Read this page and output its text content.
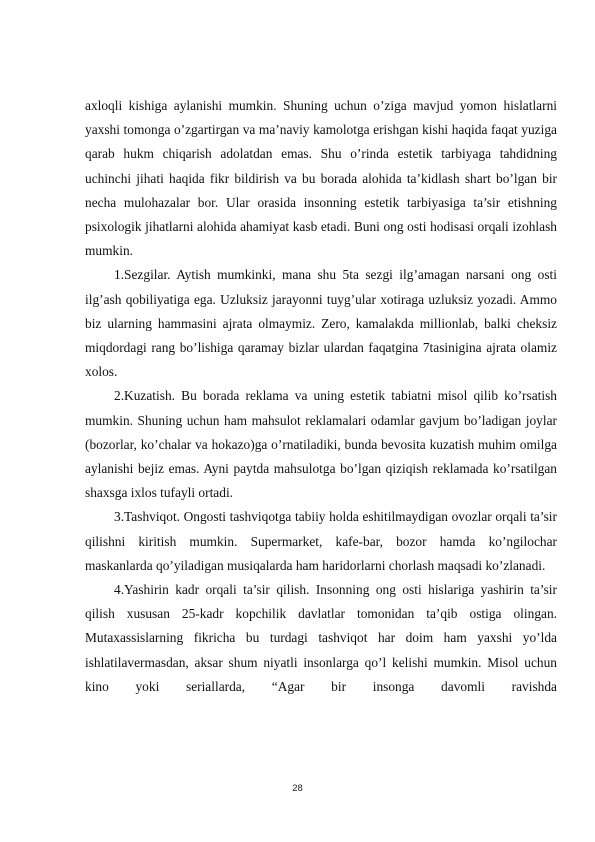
axloqli kishiga aylanishi mumkin. Shuning uchun o’ziga mavjud yomon hislatlarni yaxshi tomonga o’zgartirgan va ma’naviy kamolotga erishgan kishi haqida faqat yuziga qarab hukm chiqarish adolatdan emas. Shu o’rinda estetik tarbiyaga tahdidning uchinchi jihati haqida fikr bildirish va bu borada alohida ta’kidlash shart bo’lgan bir necha mulohazalar bor. Ular orasida insonning estetik tarbiyasiga ta’sir etishning psixologik jihatlarni alohida ahamiyat kasb etadi. Buni ong osti hodisasi orqali izohlash mumkin.

1.Sezgilar. Aytish mumkinki, mana shu 5ta sezgi ilg’amagan narsani ong osti ilg’ash qobiliyatiga ega. Uzluksiz jarayonni tuyg’ular xotiraga uzluksiz yozadi. Ammo biz ularning hammasini ajrata olmaymiz. Zero, kamalakda millionlab, balki cheksiz miqdordagi rang bo’lishiga qaramay bizlar ulardan faqatgina 7tasinigina ajrata olamiz xolos.

2.Kuzatish. Bu borada reklama va uning estetik tabiatni misol qilib ko’rsatish mumkin. Shuning uchun ham mahsulot reklamalari odamlar gavjum bo’ladigan joylar (bozorlar, ko’chalar va hokazo)ga o’rnatiladiki, bunda bevosita kuzatish muhim omilga aylanishi bejiz emas. Ayni paytda mahsulotga bo’lgan qiziqish reklamada ko’rsatilgan shaxsga ixlos tufayli ortadi.

3.Tashviqot. Ongosti tashviqotga tabiiy holda eshitilmaydigan ovozlar orqali ta’sir qilishni kiritish mumkin. Supermarket, kafe-bar, bozor hamda ko’ngilochar maskanlarda qo’yiladigan musiqalarda ham haridorlarni chorlash maqsadi ko’zlanadi.

4.Yashirin kadr orqali ta’sir qilish. Insonning ong osti hislariga yashirin ta’sir qilish xususan 25-kadr kopchilik davlatlar tomonidan ta’qib ostiga olingan. Mutaxassislarning fikricha bu turdagi tashviqot har doim ham yaxshi yo’lda ishlatilavermasdan, aksar shum niyatli insonlarga qo’l kelishi mumkin. Misol uchun kino yoki seriallarda, “Agar bir insonga davomli ravishda

28
